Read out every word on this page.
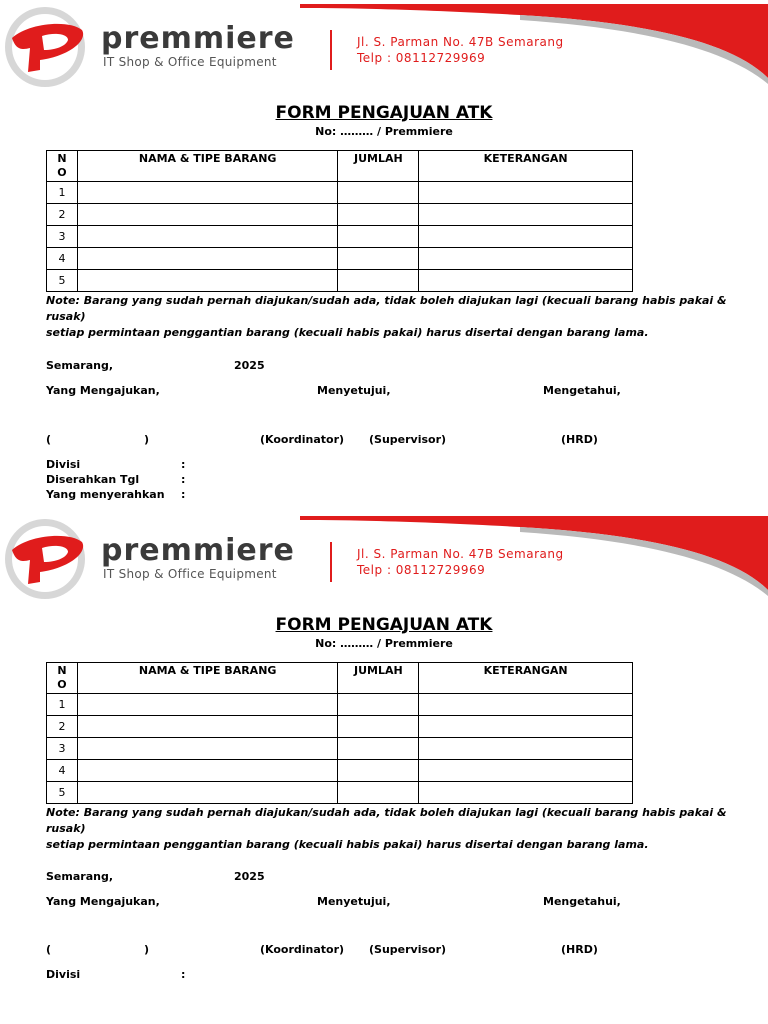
premmiere
IT Shop & Office Equipment
Jl. S. Parman No. 47B Semarang
Telp : 08112729969
FORM PENGAJUAN ATK
No: ……… / Premmiere
N
O	NAMA & TIPE BARANG	JUMLAH	KETERANGAN
1			
2			
3			
4			
5			
Note: Barang yang sudah pernah diajukan/sudah ada, tidak boleh diajukan lagi (kecuali barang habis pakai & rusak)
setiap permintaan penggantian barang (kecuali habis pakai) harus disertai dengan barang lama.
Semarang,	2025
Yang Mengajukan,	Menyetujui,	Mengetahui,
(	)	(Koordinator) (Supervisor)	(HRD)
Divisi	:
Diserahkan Tgl	:
Yang menyerahkan :
premmiere
IT Shop & Office Equipment
Jl. S. Parman No. 47B Semarang
Telp : 08112729969
FORM PENGAJUAN ATK
No: ……… / Premmiere
N
O	NAMA & TIPE BARANG	JUMLAH	KETERANGAN
1			
2			
3			
4			
5			
Note: Barang yang sudah pernah diajukan/sudah ada, tidak boleh diajukan lagi (kecuali barang habis pakai & rusak)
setiap permintaan penggantian barang (kecuali habis pakai) harus disertai dengan barang lama.
Semarang,	2025
Yang Mengajukan,	Menyetujui,	Mengetahui,
(	)	(Koordinator) (Supervisor)	(HRD)
Divisi	:
